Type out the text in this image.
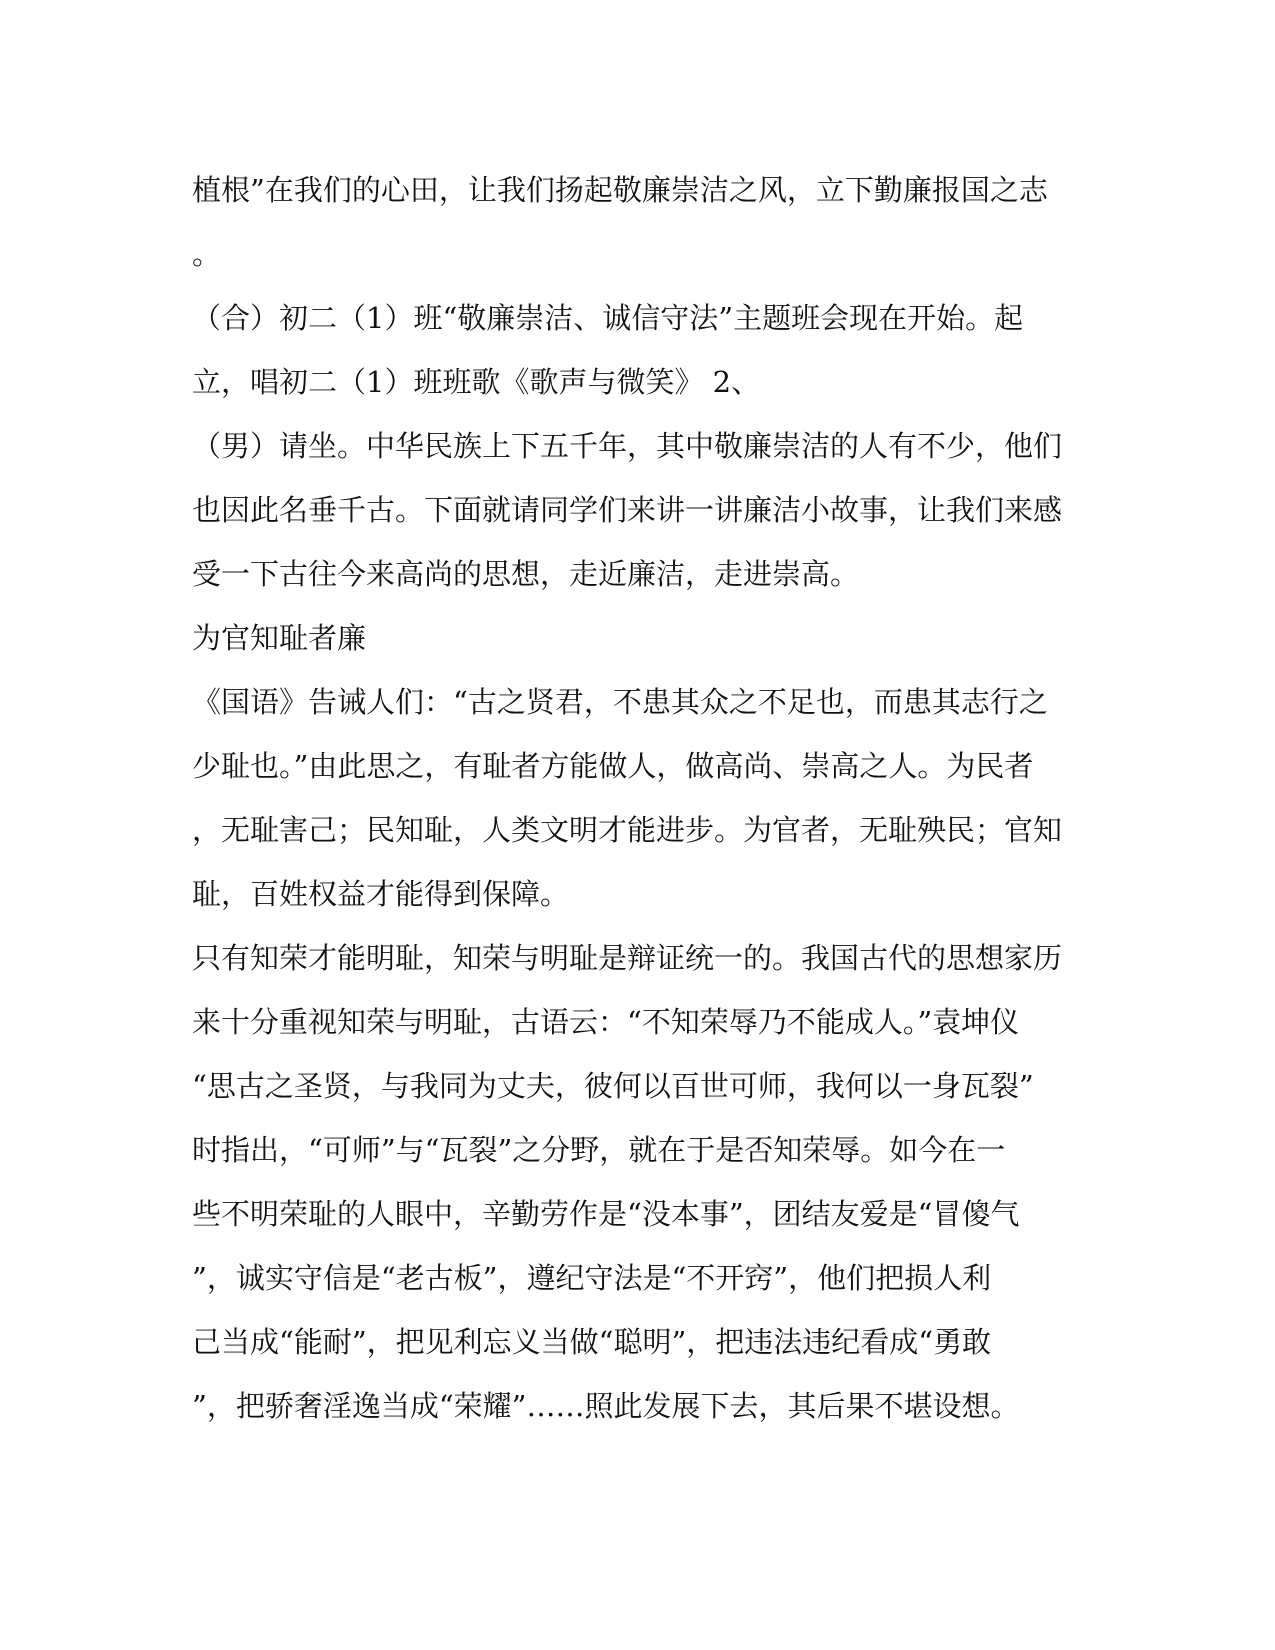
植根”在我们的心田，让我们扬起敬廉崇洁之风，立下勤廉报国之志
。
（合）初二（1）班“敬廉崇洁、诚信守法”主题班会现在开始。起
立，唱初二（1）班班歌《歌声与微笑》 2、
（男）请坐。中华民族上下五千年，其中敬廉崇洁的人有不少，他们
也因此名垂千古。下面就请同学们来讲一讲廉洁小故事，让我们来感
受一下古往今来高尚的思想，走近廉洁，走进崇高。
为官知耻者廉
《国语》告诫人们：“古之贤君，不患其众之不足也，而患其志行之
少耻也。”由此思之，有耻者方能做人，做高尚、崇高之人。为民者
，无耻害己；民知耻，人类文明才能进步。为官者，无耻殃民；官知
耻，百姓权益才能得到保障。
只有知荣才能明耻，知荣与明耻是辩证统一的。我国古代的思想家历
来十分重视知荣与明耻，古语云：“不知荣辱乃不能成人。”袁坤仪
“思古之圣贤，与我同为丈夫，彼何以百世可师，我何以一身瓦裂”
时指出，“可师”与“瓦裂”之分野，就在于是否知荣辱。如今在一
些不明荣耻的人眼中，辛勤劳作是“没本事”，团结友爱是“冒傻气
”，诚实守信是“老古板”，遵纪守法是“不开窍”，他们把损人利
己当成“能耐”，把见利忘义当做“聪明”，把违法违纪看成“勇敢
”，把骄奢淫逸当成“荣耀”……照此发展下去，其后果不堪设想。
